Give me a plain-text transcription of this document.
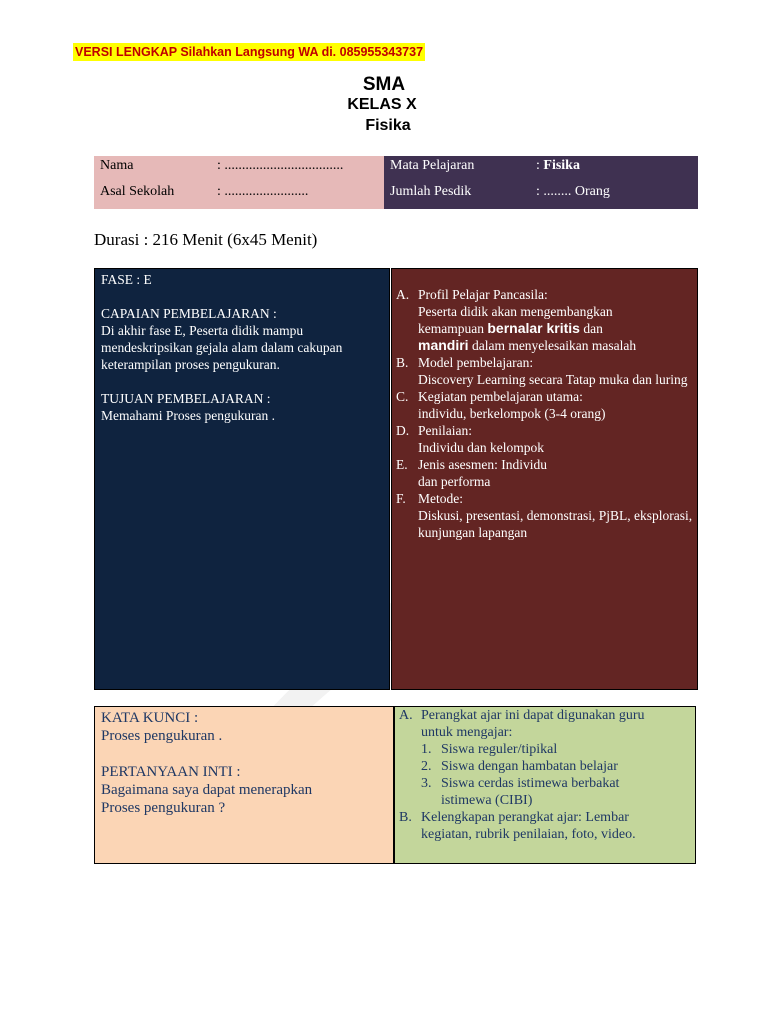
VERSI LENGKAP Silahkan Langsung WA di. 085955343737
SMA
KELAS X
Fisika
Nama	: ..................................
Asal Sekolah	: ........................
Mata Pelajaran	: Fisika
Jumlah Pesdik	: ........ Orang
Durasi : 216 Menit (6x45 Menit)

FASE : E

CAPAIAN PEMBELAJARAN :

Di akhir fase E, Peserta didik mampu mendeskripsikan gejala alam dalam cakupan keterampilan proses pengukuran.

TUJUAN PEMBELAJARAN :

Memahami Proses pengukuran .

A. Profil Pelajar Pancasila:
Peserta didik akan mengembangkan
kemampuan bernalar kritis dan
mandiri dalam menyelesaikan masalah
B. Model pembelajaran:
Discovery Learning secara Tatap muka dan luring
C. Kegiatan pembelajaran utama:
individu, berkelompok (3-4 orang)
D. Penilaian:
Individu dan kelompok
E. Jenis asesmen: Individu
dan performa
F. Metode:
Diskusi, presentasi, demonstrasi, PjBL, eksplorasi, kunjungan lapangan
KATA KUNCI :
Proses pengukuran .
PERTANYAAN INTI :
Bagaimana saya dapat menerapkan Proses pengukuran ?
A. Perangkat ajar ini dapat digunakan guru untuk mengajar:
1. Siswa reguler/tipikal
2. Siswa dengan hambatan belajar
3. Siswa cerdas istimewa berbakat istimewa (CIBI)
B. Kelengkapan perangkat ajar: Lembar kegiatan, rubrik penilaian, foto, video.
